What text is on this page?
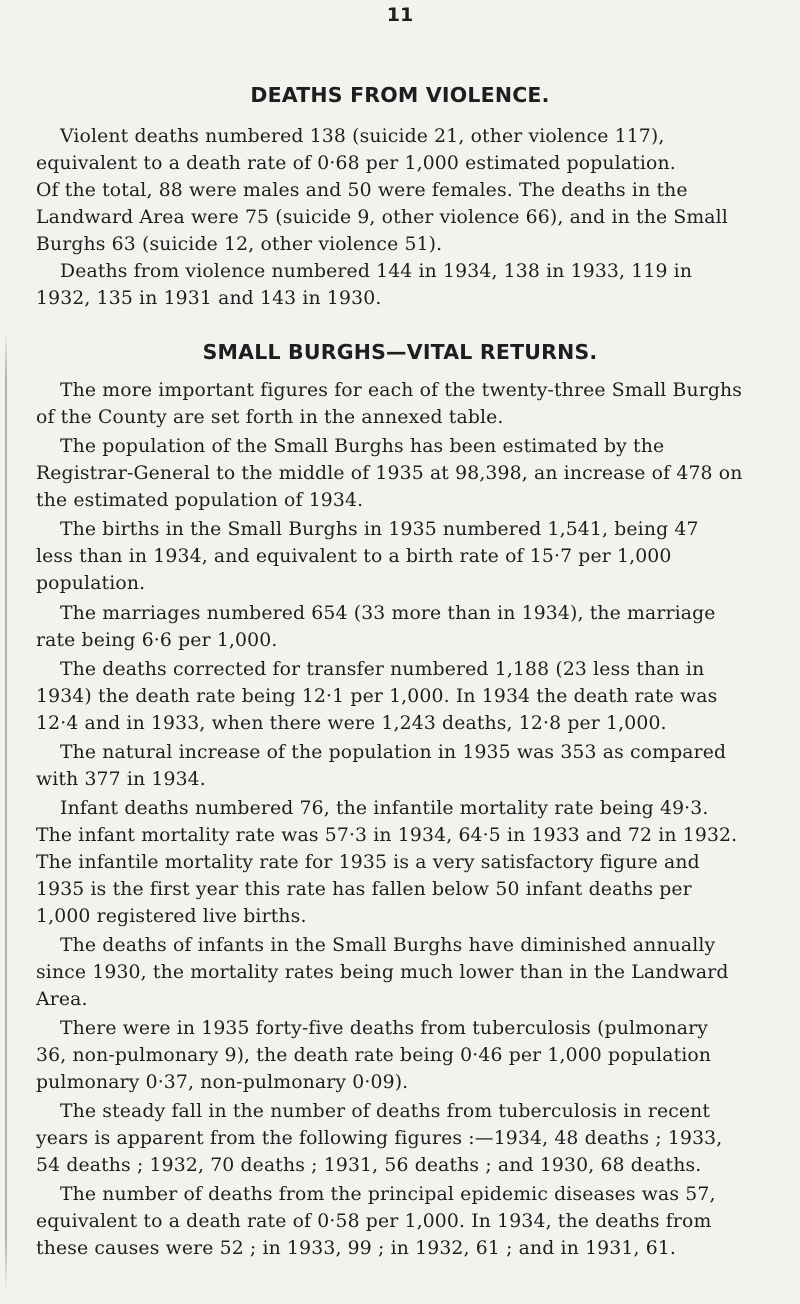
11
DEATHS FROM VIOLENCE.
Violent deaths numbered 138 (suicide 21, other violence 117),
equivalent to a death rate of 0·68 per 1,000 estimated population.
Of the total, 88 were males and 50 were females. The deaths in the
Landward Area were 75 (suicide 9, other violence 66), and in the Small
Burghs 63 (suicide 12, other violence 51).
Deaths from violence numbered 144 in 1934, 138 in 1933, 119 in
1932, 135 in 1931 and 143 in 1930.
SMALL BURGHS—VITAL RETURNS.
The more important figures for each of the twenty-three Small Burghs
of the County are set forth in the annexed table.
The population of the Small Burghs has been estimated by the
Registrar-General to the middle of 1935 at 98,398, an increase of 478 on
the estimated population of 1934.
The births in the Small Burghs in 1935 numbered 1,541, being 47
less than in 1934, and equivalent to a birth rate of 15·7 per 1,000
population.
The marriages numbered 654 (33 more than in 1934), the marriage
rate being 6·6 per 1,000.
The deaths corrected for transfer numbered 1,188 (23 less than in
1934) the death rate being 12·1 per 1,000. In 1934 the death rate was
12·4 and in 1933, when there were 1,243 deaths, 12·8 per 1,000.
The natural increase of the population in 1935 was 353 as compared
with 377 in 1934.
Infant deaths numbered 76, the infantile mortality rate being 49·3.
The infant mortality rate was 57·3 in 1934, 64·5 in 1933 and 72 in 1932.
The infantile mortality rate for 1935 is a very satisfactory figure and
1935 is the first year this rate has fallen below 50 infant deaths per
1,000 registered live births.
The deaths of infants in the Small Burghs have diminished annually
since 1930, the mortality rates being much lower than in the Landward
Area.
There were in 1935 forty-five deaths from tuberculosis (pulmonary
36, non-pulmonary 9), the death rate being 0·46 per 1,000 population
pulmonary 0·37, non-pulmonary 0·09).
The steady fall in the number of deaths from tuberculosis in recent
years is apparent from the following figures :—1934, 48 deaths ; 1933,
54 deaths ; 1932, 70 deaths ; 1931, 56 deaths ; and 1930, 68 deaths.
The number of deaths from the principal epidemic diseases was 57,
equivalent to a death rate of 0·58 per 1,000. In 1934, the deaths from
these causes were 52 ; in 1933, 99 ; in 1932, 61 ; and in 1931, 61.
